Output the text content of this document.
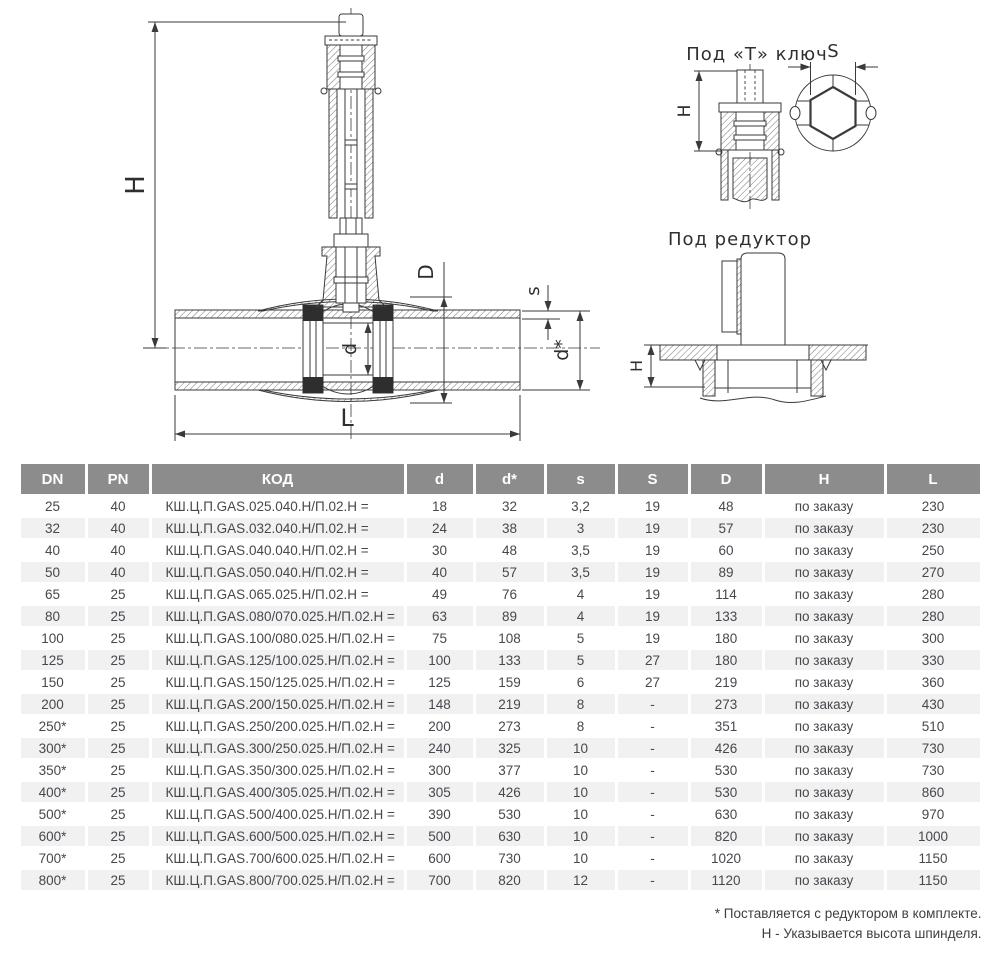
H
D
d
s
d*
L
Под «Т» ключ
H
S
Под редуктор
H
DN	PN	КОД	d	d*	s	S	D	H	L
25	40	КШ.Ц.П.GAS.025.040.Н/П.02.Н =	18	32	3,2	19	48	по заказу	230
32	40	КШ.Ц.П.GAS.032.040.Н/П.02.Н =	24	38	3	19	57	по заказу	230
40	40	КШ.Ц.П.GAS.040.040.Н/П.02.Н =	30	48	3,5	19	60	по заказу	250
50	40	КШ.Ц.П.GAS.050.040.Н/П.02.Н =	40	57	3,5	19	89	по заказу	270
65	25	КШ.Ц.П.GAS.065.025.Н/П.02.Н =	49	76	4	19	114	по заказу	280
80	25	КШ.Ц.П.GAS.080/070.025.Н/П.02.Н =	63	89	4	19	133	по заказу	280
100	25	КШ.Ц.П.GAS.100/080.025.Н/П.02.Н =	75	108	5	19	180	по заказу	300
125	25	КШ.Ц.П.GAS.125/100.025.Н/П.02.Н =	100	133	5	27	180	по заказу	330
150	25	КШ.Ц.П.GAS.150/125.025.Н/П.02.Н =	125	159	6	27	219	по заказу	360
200	25	КШ.Ц.П.GAS.200/150.025.Н/П.02.Н =	148	219	8	-	273	по заказу	430
250*	25	КШ.Ц.П.GAS.250/200.025.Н/П.02.Н =	200	273	8	-	351	по заказу	510
300*	25	КШ.Ц.П.GAS.300/250.025.Н/П.02.Н =	240	325	10	-	426	по заказу	730
350*	25	КШ.Ц.П.GAS.350/300.025.Н/П.02.Н =	300	377	10	-	530	по заказу	730
400*	25	КШ.Ц.П.GAS.400/305.025.Н/П.02.Н =	305	426	10	-	530	по заказу	860
500*	25	КШ.Ц.П.GAS.500/400.025.Н/П.02.Н =	390	530	10	-	630	по заказу	970
600*	25	КШ.Ц.П.GAS.600/500.025.Н/П.02.Н =	500	630	10	-	820	по заказу	1000
700*	25	КШ.Ц.П.GAS.700/600.025.Н/П.02.Н =	600	730	10	-	1020	по заказу	1150
800*	25	КШ.Ц.П.GAS.800/700.025.Н/П.02.Н =	700	820	12	-	1120	по заказу	1150
* Поставляется с редуктором в комплекте.
Н - Указывается высота шпинделя.
